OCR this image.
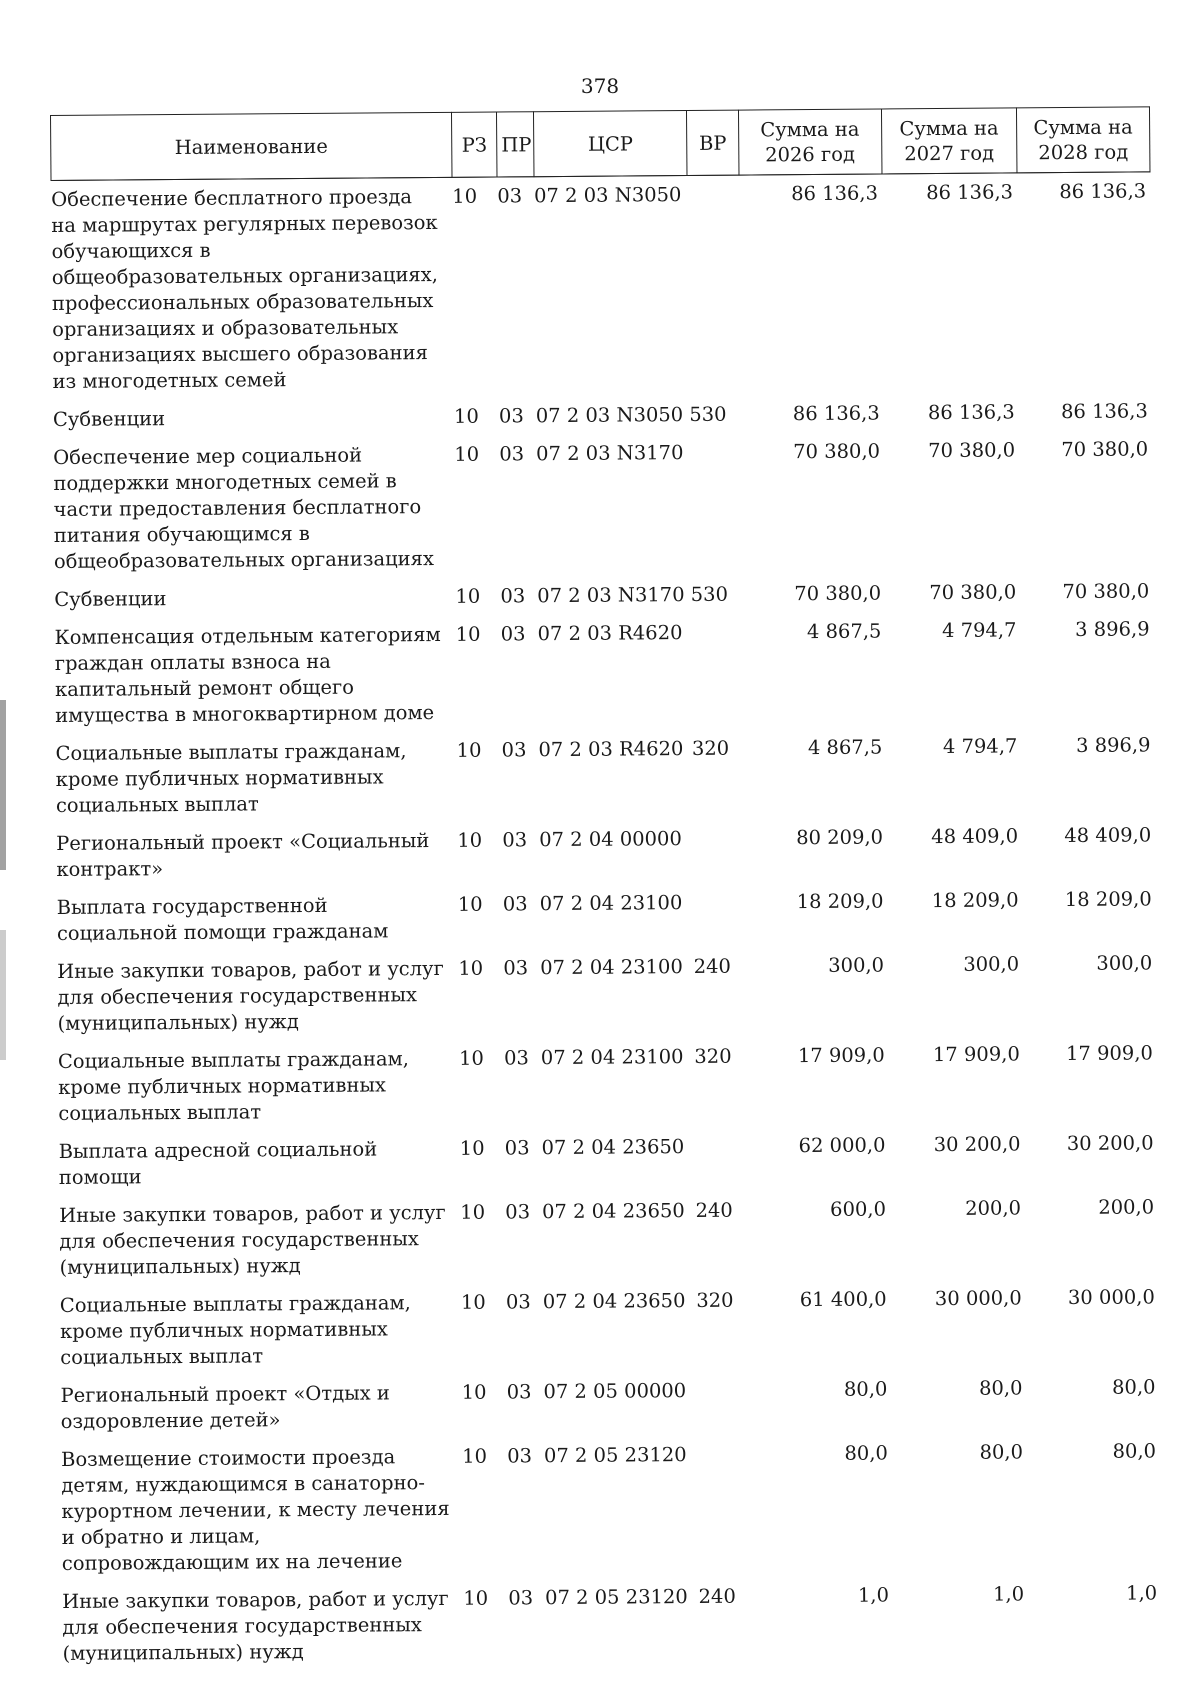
378
Наименование	РЗ	ПР	ЦСР	ВР	Сумма на 2026 год	Сумма на 2027 год	Сумма на 2028 год
Обеспечение бесплатного проезда на маршрутах регулярных перевозок обучающихся в общеобразовательных организациях, профессиональных образовательных организациях и образовательных организациях высшего образования из многодетных семей	10	03	07 2 03 N3050		86 136,3	86 136,3	86 136,3
Субвенции	10	03	07 2 03 N3050	530	86 136,3	86 136,3	86 136,3
Обеспечение мер социальной поддержки многодетных семей в части предоставления бесплатного питания обучающимся в общеобразовательных организациях	10	03	07 2 03 N3170		70 380,0	70 380,0	70 380,0
Субвенции	10	03	07 2 03 N3170	530	70 380,0	70 380,0	70 380,0
Компенсация отдельным категориям граждан оплаты взноса на капитальный ремонт общего имущества в многоквартирном доме	10	03	07 2 03 R4620		4 867,5	4 794,7	3 896,9
Социальные выплаты гражданам, кроме публичных нормативных социальных выплат	10	03	07 2 03 R4620	320	4 867,5	4 794,7	3 896,9
Региональный проект «Социальный контракт»	10	03	07 2 04 00000		80 209,0	48 409,0	48 409,0
Выплата государственной социальной помощи гражданам	10	03	07 2 04 23100		18 209,0	18 209,0	18 209,0
Иные закупки товаров, работ и услуг для обеспечения государственных (муниципальных) нужд	10	03	07 2 04 23100	240	300,0	300,0	300,0
Социальные выплаты гражданам, кроме публичных нормативных социальных выплат	10	03	07 2 04 23100	320	17 909,0	17 909,0	17 909,0
Выплата адресной социальной помощи	10	03	07 2 04 23650		62 000,0	30 200,0	30 200,0
Иные закупки товаров, работ и услуг для обеспечения государственных (муниципальных) нужд	10	03	07 2 04 23650	240	600,0	200,0	200,0
Социальные выплаты гражданам, кроме публичных нормативных социальных выплат	10	03	07 2 04 23650	320	61 400,0	30 000,0	30 000,0
Региональный проект «Отдых и оздоровление детей»	10	03	07 2 05 00000		80,0	80,0	80,0
Возмещение стоимости проезда детям, нуждающимся в санаторно-курортном лечении, к месту лечения и обратно и лицам, сопровождающим их на лечение	10	03	07 2 05 23120		80,0	80,0	80,0
Иные закупки товаров, работ и услуг для обеспечения государственных (муниципальных) нужд	10	03	07 2 05 23120	240	1,0	1,0	1,0
